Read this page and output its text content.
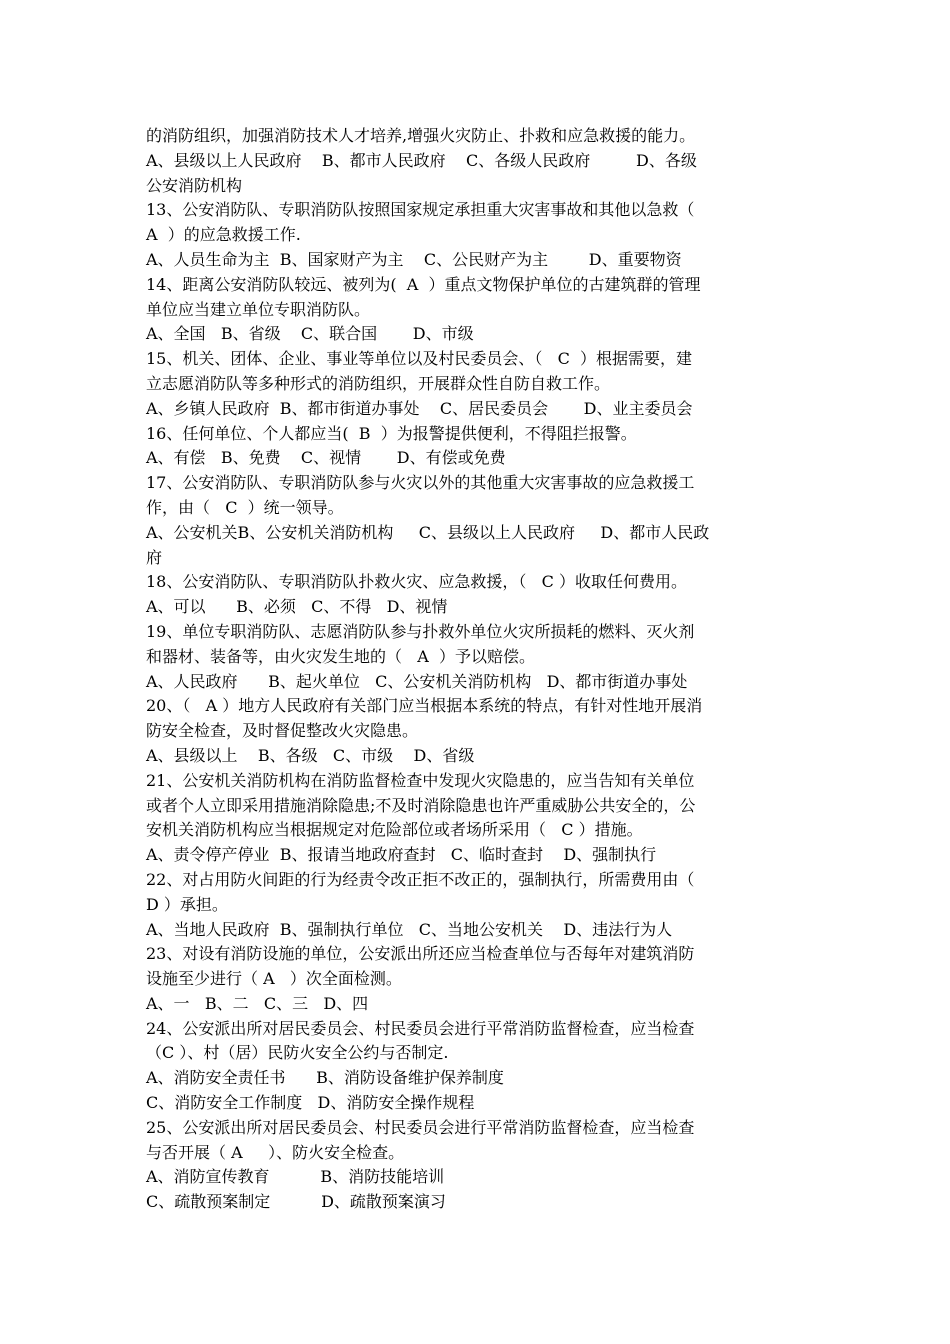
的消防组织，加强消防技术人才培养,增强火灾防止、扑救和应急救援的能力。
A、县级以上人民政府    B、都市人民政府    C、各级人民政府         D、各级
公安消防机构
13、公安消防队、专职消防队按照国家规定承担重大灾害事故和其他以急救（
A  ）的应急救援工作.
A、人员生命为主  B、国家财产为主    C、公民财产为主        D、重要物资
14、距离公安消防队较远、被列为(  A  ）重点文物保护单位的古建筑群的管理
单位应当建立单位专职消防队。
A、全国   B、省级    C、联合国       D、市级
15、机关、团体、企业、事业等单位以及村民委员会、（   C  ）根据需要，建
立志愿消防队等多种形式的消防组织，开展群众性自防自救工作。
A、乡镇人民政府  B、都市街道办事处    C、居民委员会       D、业主委员会
16、任何单位、个人都应当(  B  ）为报警提供便利，不得阻拦报警。
A、有偿   B、免费    C、视情       D、有偿或免费
17、公安消防队、专职消防队参与火灾以外的其他重大灾害事故的应急救援工
作，由（   C  ）统一领导。
A、公安机关B、公安机关消防机构     C、县级以上人民政府     D、都市人民政
府
18、公安消防队、专职消防队扑救火灾、应急救援，（   C ）收取任何费用。
A、可以      B、必须   C、不得   D、视情
19、单位专职消防队、志愿消防队参与扑救外单位火灾所损耗的燃料、灭火剂
和器材、装备等，由火灾发生地的（   A  ）予以赔偿。
A、人民政府      B、起火单位   C、公安机关消防机构   D、都市街道办事处
20、（   A ）地方人民政府有关部门应当根据本系统的特点，有针对性地开展消
防安全检查，及时督促整改火灾隐患。
A、县级以上    B、各级   C、市级    D、省级
21、公安机关消防机构在消防监督检查中发现火灾隐患的，应当告知有关单位
或者个人立即采用措施消除隐患;不及时消除隐患也许严重威胁公共安全的，公
安机关消防机构应当根据规定对危险部位或者场所采用（   C ）措施。
A、责令停产停业  B、报请当地政府查封   C、临时查封    D、强制执行
22、对占用防火间距的行为经责令改正拒不改正的，强制执行，所需费用由（
D ）承担。
A、当地人民政府  B、强制执行单位   C、当地公安机关    D、违法行为人
23、对设有消防设施的单位，公安派出所还应当检查单位与否每年对建筑消防
设施至少进行（ A   ）次全面检测。
A、一   B、二   C、三   D、四
24、公安派出所对居民委员会、村民委员会进行平常消防监督检查，应当检查
（C ）、村（居）民防火安全公约与否制定.
A、消防安全责任书      B、消防设备维护保养制度
C、消防安全工作制度   D、消防安全操作规程
25、公安派出所对居民委员会、村民委员会进行平常消防监督检查，应当检查
与否开展（ A     ）、防火安全检查。
A、消防宣传教育          B、消防技能培训
C、疏散预案制定          D、疏散预案演习
